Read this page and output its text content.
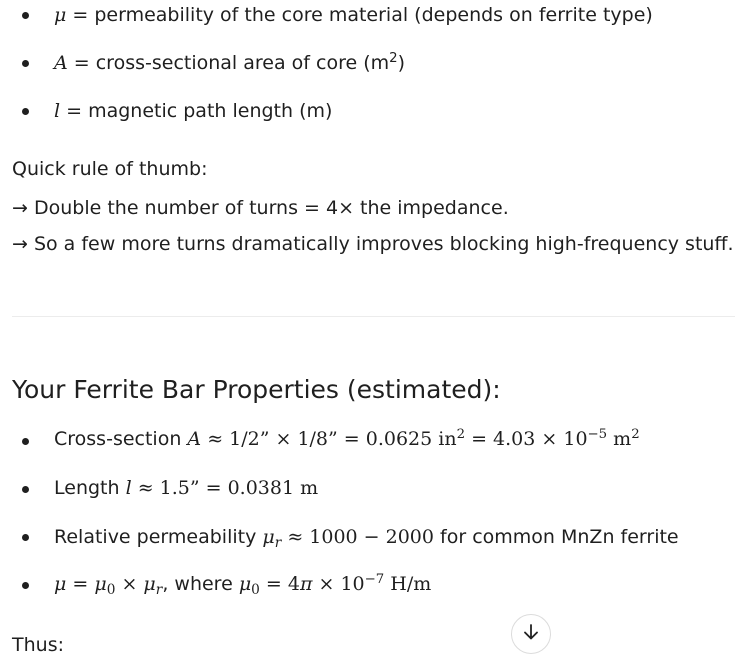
μ = permeability of the core material (depends on ferrite type)
A = cross-sectional area of core $(m^2)$
l = magnetic path length (m)
Quick rule of thumb:
→ Double the number of turns = 4× the impedance.
→ So a few more turns dramatically improves blocking high-frequency stuff.
Your Ferrite Bar Properties (estimated):
Cross-section A ≈ 1/2” × 1/8” = 0.0625 $in^2 = 4.03 \times 10^{-5}$ $m^2$
Length l ≈ 1.5” = 0.0381 m
Relative permeability $\mu_r \approx 1000 - 2000$ for common MnZn ferrite
$\mu = \mu_0 \times \mu_r$, where $\mu_0 = 4\pi \times 10^{-7}$ H/m
Thus:
